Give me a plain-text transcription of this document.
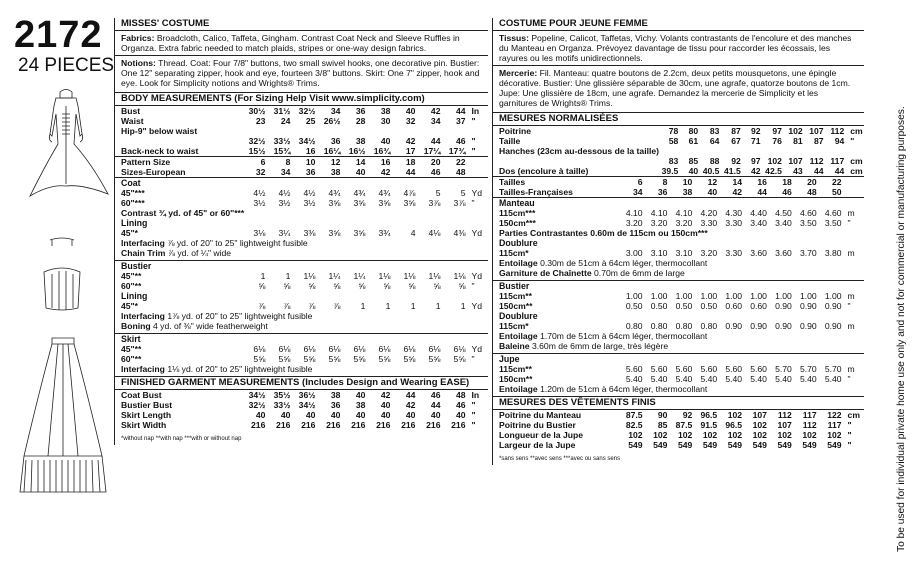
2172
24 PIECES
MISSES' COSTUME
Fabrics: Broadcloth, Calico, Taffeta, Gingham. Contrast Coat Neck and Sleeve Ruffles in Organza. Extra fabric needed to match plaids, stripes or one-way design fabrics.
Notions: Thread. Coat: Four 7/8" buttons, two small swivel hooks, one decorative pin. Bustier: One 12" separating zipper, hook and eye, fourteen 3/8" buttons. Skirt: One 7" zipper, hook and eye. Look for Simplicity notions and Wrights® Trims.
BODY MEASUREMENTS (For Sizing Help Visit www.simplicity.com)
Bust	30½	31½	32½	34	36	38	40	42	44	In
Waist	23	24	25	26½	28	30	32	34	37	"
Hip-9" below waist										
	32½	33½	34½	36	38	40	42	44	46	"
Back-neck to waist	15½	15¾	16	16¼	16½	16¾	17	17¼	17¾	"
Pattern Size	6	8	10	12	14	16	18	20	22	
Sizes-European	32	34	36	38	40	42	44	46	48	
Coat
45"***	4½	4½	4½	4¾	4¾	4¾	4⅞	5	5	Yd
60"***	3½	3½	3½	3⅝	3⅝	3⅝	3⅝	3⅞	3⅞	"
Contrast ¾ yd. of 45" or 60"***
Lining
45"*	3⅛	3¼	3⅜	3⅝	3⅝	3¾	4	4⅛	4⅜	Yd
Interfacing ⅞ yd. of 20" to 25" lightweight fusible
Chain Trim ⅞ yd. of ¼" wide
Bustier
45"**	1	1	1⅛	1¼	1¼	1⅛	1⅛	1⅛	1⅛	Yd
60"**	⅝	⅝	⅝	⅝	⅝	⅝	⅝	⅝	⅝	"
Lining
45"*	⅞	⅞	⅞	⅞	1	1	1	1	1	Yd
Interfacing 1⅞ yd. of 20" to 25" lightweight fusible
Boning 4 yd. of ⅜" wide featherweight
Skirt
45"**	6⅛	6⅛	6⅛	6⅛	6⅛	6⅛	6⅛	6⅛	6⅛	Yd
60"**	5⅝	5⅝	5⅝	5⅝	5⅝	5⅝	5⅝	5⅝	5⅝	"
Interfacing 1⅛ yd. of 20" to 25" lightweight fusible
FINISHED GARMENT MEASUREMENTS (Includes Design and Wearing EASE)
Coat Bust	34½	35½	36½	38	40	42	44	46	48	In
Bustier Bust	32½	33½	34½	36	38	40	42	44	46	"
Skirt Length	40	40	40	40	40	40	40	40	40	"
Skirt Width	216	216	216	216	216	216	216	216	216	"
*without nap **with nap ***with or without nap
COSTUME POUR JEUNE FEMME
Tissus: Popeline, Calicot, Taffetas, Vichy. Volants contrastants de l'encolure et des manches du Manteau en Organza. Prévoyez davantage de tissu pour raccorder les écossais, les rayures ou les motifs unidirectionnels.
Mercerie: Fil. Manteau: quatre boutons de 2.2cm, deux petits mousquetons, une épingle décorative. Bustier: Une glissière séparable de 30cm, une agrafe, quatorze boutons de 1cm. Jupe: Une glissière de 18cm, une agrafe. Demandez la mercerie de Simplicity et les garnitures de Wrights® Trims.
MESURES NORMALISÉES
Poitrine	78	80	83	87	92	97	102	107	112	cm
Taille	58	61	64	67	71	76	81	87	94	"
Hanches (23cm au-dessous de la taille)										
	83	85	88	92	97	102	107	112	117	cm
Dos (encolure à taille)	39.5	40	40.5	41.5	42	42.5	43	44	44	cm
Tailles	6	8	10	12	14	16	18	20	22	
Tailles-Françaises	34	36	38	40	42	44	46	48	50	
Manteau
115cm***	4.10	4.10	4.10	4.20	4.30	4.40	4.50	4.60	4.60	m
150cm***	3.20	3.20	3.20	3.30	3.30	3.40	3.40	3.50	3.50	"
Parties Contrastantes 0.60m de 115cm ou 150cm***
Doublure
115cm*	3.00	3.10	3.10	3.20	3.30	3.60	3.60	3.70	3.80	m
Entoilage 0.30m de 51cm à 64cm léger, thermocollant
Garniture de Chaînette 0.70m de 6mm de large
Bustier
115cm**	1.00	1.00	1.00	1.00	1.00	1.00	1.00	1.00	1.00	m
150cm**	0.50	0.50	0.50	0.50	0.60	0.60	0.90	0.90	0.90	"
Doublure
115cm*	0.80	0.80	0.80	0.80	0.90	0.90	0.90	0.90	0.90	m
Entoilage 1.70m de 51cm à 64cm léger, thermocollant
Baleine 3.60m de 6mm de large, très légère
Jupe
115cm**	5.60	5.60	5.60	5.60	5.60	5.60	5.70	5.70	5.70	m
150cm**	5.40	5.40	5.40	5.40	5.40	5.40	5.40	5.40	5.40	"
Entoilage 1.20m de 51cm à 64cm léger, thermocollant
MESURES DES VÊTEMENTS FINIS
Poitrine du Manteau	87.5	90	92	96.5	102	107	112	117	122	cm
Poitrine du Bustier	82.5	85	87.5	91.5	96.5	102	107	112	117	"
Longueur de la Jupe	102	102	102	102	102	102	102	102	102	"
Largeur de la Jupe	549	549	549	549	549	549	549	549	549	"
*sans sens **avec sens ***avec ou sans sens	To be used for individual private home use only and not for commercial or manufacturing purposes.
